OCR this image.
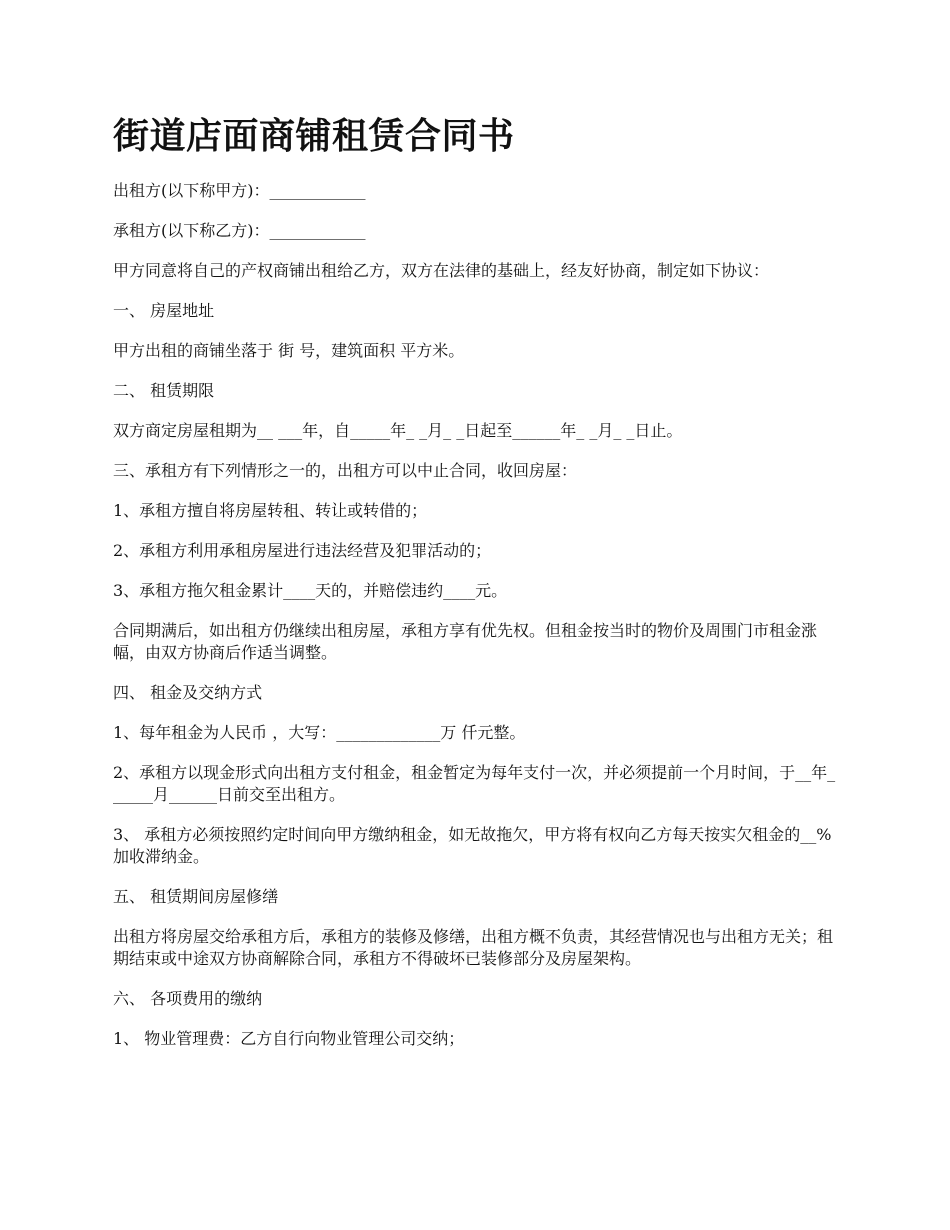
街道店面商铺租赁合同书

出租方(以下称甲方)：____________

承租方(以下称乙方)：____________

甲方同意将自己的产权商铺出租给乙方，双方在法律的基础上，经友好协商，制定如下协议：

一、 房屋地址

甲方出租的商铺坐落于 街 号，建筑面积 平方米。

二、 租赁期限

双方商定房屋租期为__ ___年，自_____年_ _月_ _日起至______年_ _月_ _日止。

三、承租方有下列情形之一的，出租方可以中止合同，收回房屋：

1、承租方擅自将房屋转租、转让或转借的；

2、承租方利用承租房屋进行违法经营及犯罪活动的；

3、承租方拖欠租金累计____天的，并赔偿违约____元。

合同期满后，如出租方仍继续出租房屋，承租方享有优先权。但租金按当时的物价及周围门市租金涨幅，由双方协商后作适当调整。

四、 租金及交纳方式

1、每年租金为人民币 ，大写：_____________万 仟元整。

2、承租方以现金形式向出租方支付租金，租金暂定为每年支付一次，并必须提前一个月时间，于__年______月______日前交至出租方。

3、 承租方必须按照约定时间向甲方缴纳租金，如无故拖欠，甲方将有权向乙方每天按实欠租金的__%加收滞纳金。

五、 租赁期间房屋修缮

出租方将房屋交给承租方后，承租方的装修及修缮，出租方概不负责，其经营情况也与出租方无关；租期结束或中途双方协商解除合同，承租方不得破坏已装修部分及房屋架构。

六、 各项费用的缴纳

1、 物业管理费：乙方自行向物业管理公司交纳；
